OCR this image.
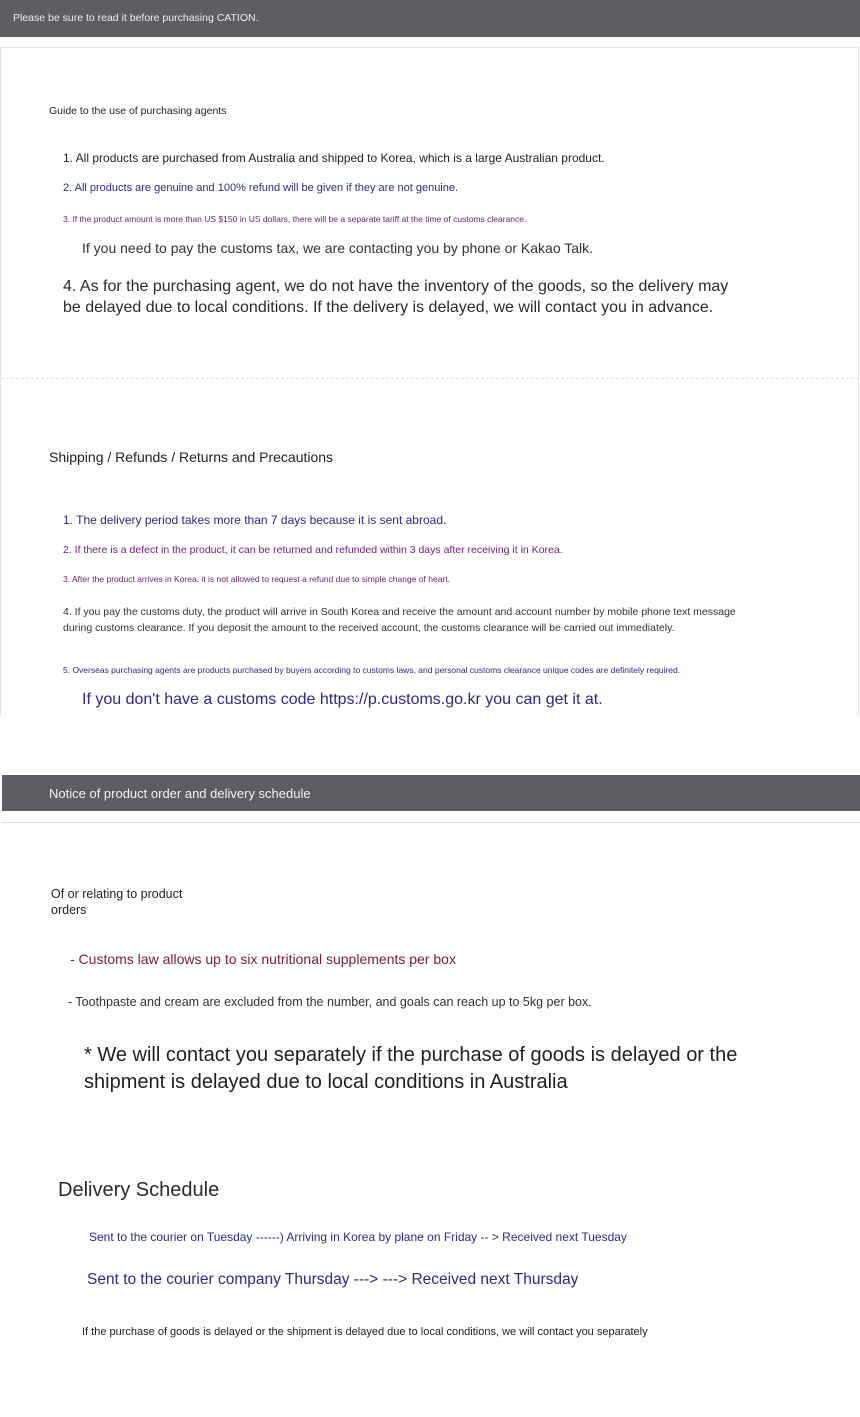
Please be sure to read it before purchasing CATION.
Guide to the use of purchasing agents
1. All products are purchased from Australia and shipped to Korea, which is a large Australian product.
2. All products are genuine and 100% refund will be given if they are not genuine.
3. If the product amount is more than US $150 in US dollars, there will be a separate tariff at the time of customs clearance.
If you need to pay the customs tax, we are contacting you by phone or Kakao Talk.
4. As for the purchasing agent, we do not have the inventory of the goods, so the delivery may be delayed due to local conditions. If the delivery is delayed, we will contact you in advance.
Shipping / Refunds / Returns and Precautions
1. The delivery period takes more than 7 days because it is sent abroad.
2. If there is a defect in the product, it can be returned and refunded within 3 days after receiving it in Korea.
3. After the product arrives in Korea, it is not allowed to request a refund due to simple change of heart.
4. If you pay the customs duty, the product will arrive in South Korea and receive the amount and account number by mobile phone text message during customs clearance. If you deposit the amount to the received account, the customs clearance will be carried out immediately.
5. Overseas purchasing agents are products purchased by buyers according to customs laws, and personal customs clearance unique codes are definitely required.
If you don't have a customs code https://p.customs.go.kr you can get it at.
Notice of product order and delivery schedule
Of or relating to product orders
- Customs law allows up to six nutritional supplements per box
- Toothpaste and cream are excluded from the number, and goals can reach up to 5kg per box.
* We will contact you separately if the purchase of goods is delayed or the shipment is delayed due to local conditions in Australia
Delivery Schedule
Sent to the courier on Tuesday ------) Arriving in Korea by plane on Friday -- > Received next Tuesday
Sent to the courier company Thursday ---> ---> Received next Thursday
If the purchase of goods is delayed or the shipment is delayed due to local conditions, we will contact you separately
